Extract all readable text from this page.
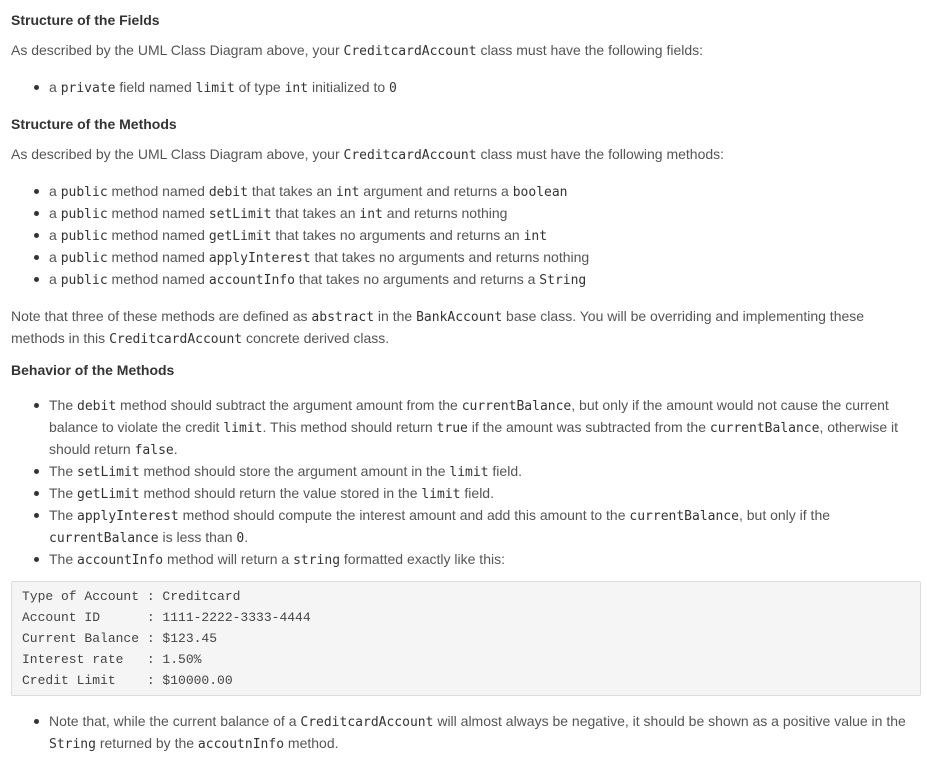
Structure of the Fields

As described by the UML Class Diagram above, your CreditcardAccount class must have the following fields:

a private field named limit of type int initialized to 0
Structure of the Methods

As described by the UML Class Diagram above, your CreditcardAccount class must have the following methods:

a public method named debit that takes an int argument and returns a boolean
a public method named setLimit that takes an int and returns nothing
a public method named getLimit that takes no arguments and returns an int
a public method named applyInterest that takes no arguments and returns nothing
a public method named accountInfo that takes no arguments and returns a String

Note that three of these methods are defined as abstract in the BankAccount base class. You will be overriding and implementing these methods in this CreditcardAccount concrete derived class.

Behavior of the Methods
The debit method should subtract the argument amount from the currentBalance, but only if the amount would not cause the current balance to violate the credit limit. This method should return true if the amount was subtracted from the currentBalance, otherwise it should return false.
The setLimit method should store the argument amount in the limit field.
The getLimit method should return the value stored in the limit field.
The applyInterest method should compute the interest amount and add this amount to the currentBalance, but only if the currentBalance is less than 0.
The accountInfo method will return a string formatted exactly like this:
Type of Account : Creditcard
Account ID      : 1111-2222-3333-4444
Current Balance : $123.45
Interest rate   : 1.50%
Credit Limit    : $10000.00
Note that, while the current balance of a CreditcardAccount will almost always be negative, it should be shown as a positive value in the String returned by the accoutnInfo method.
